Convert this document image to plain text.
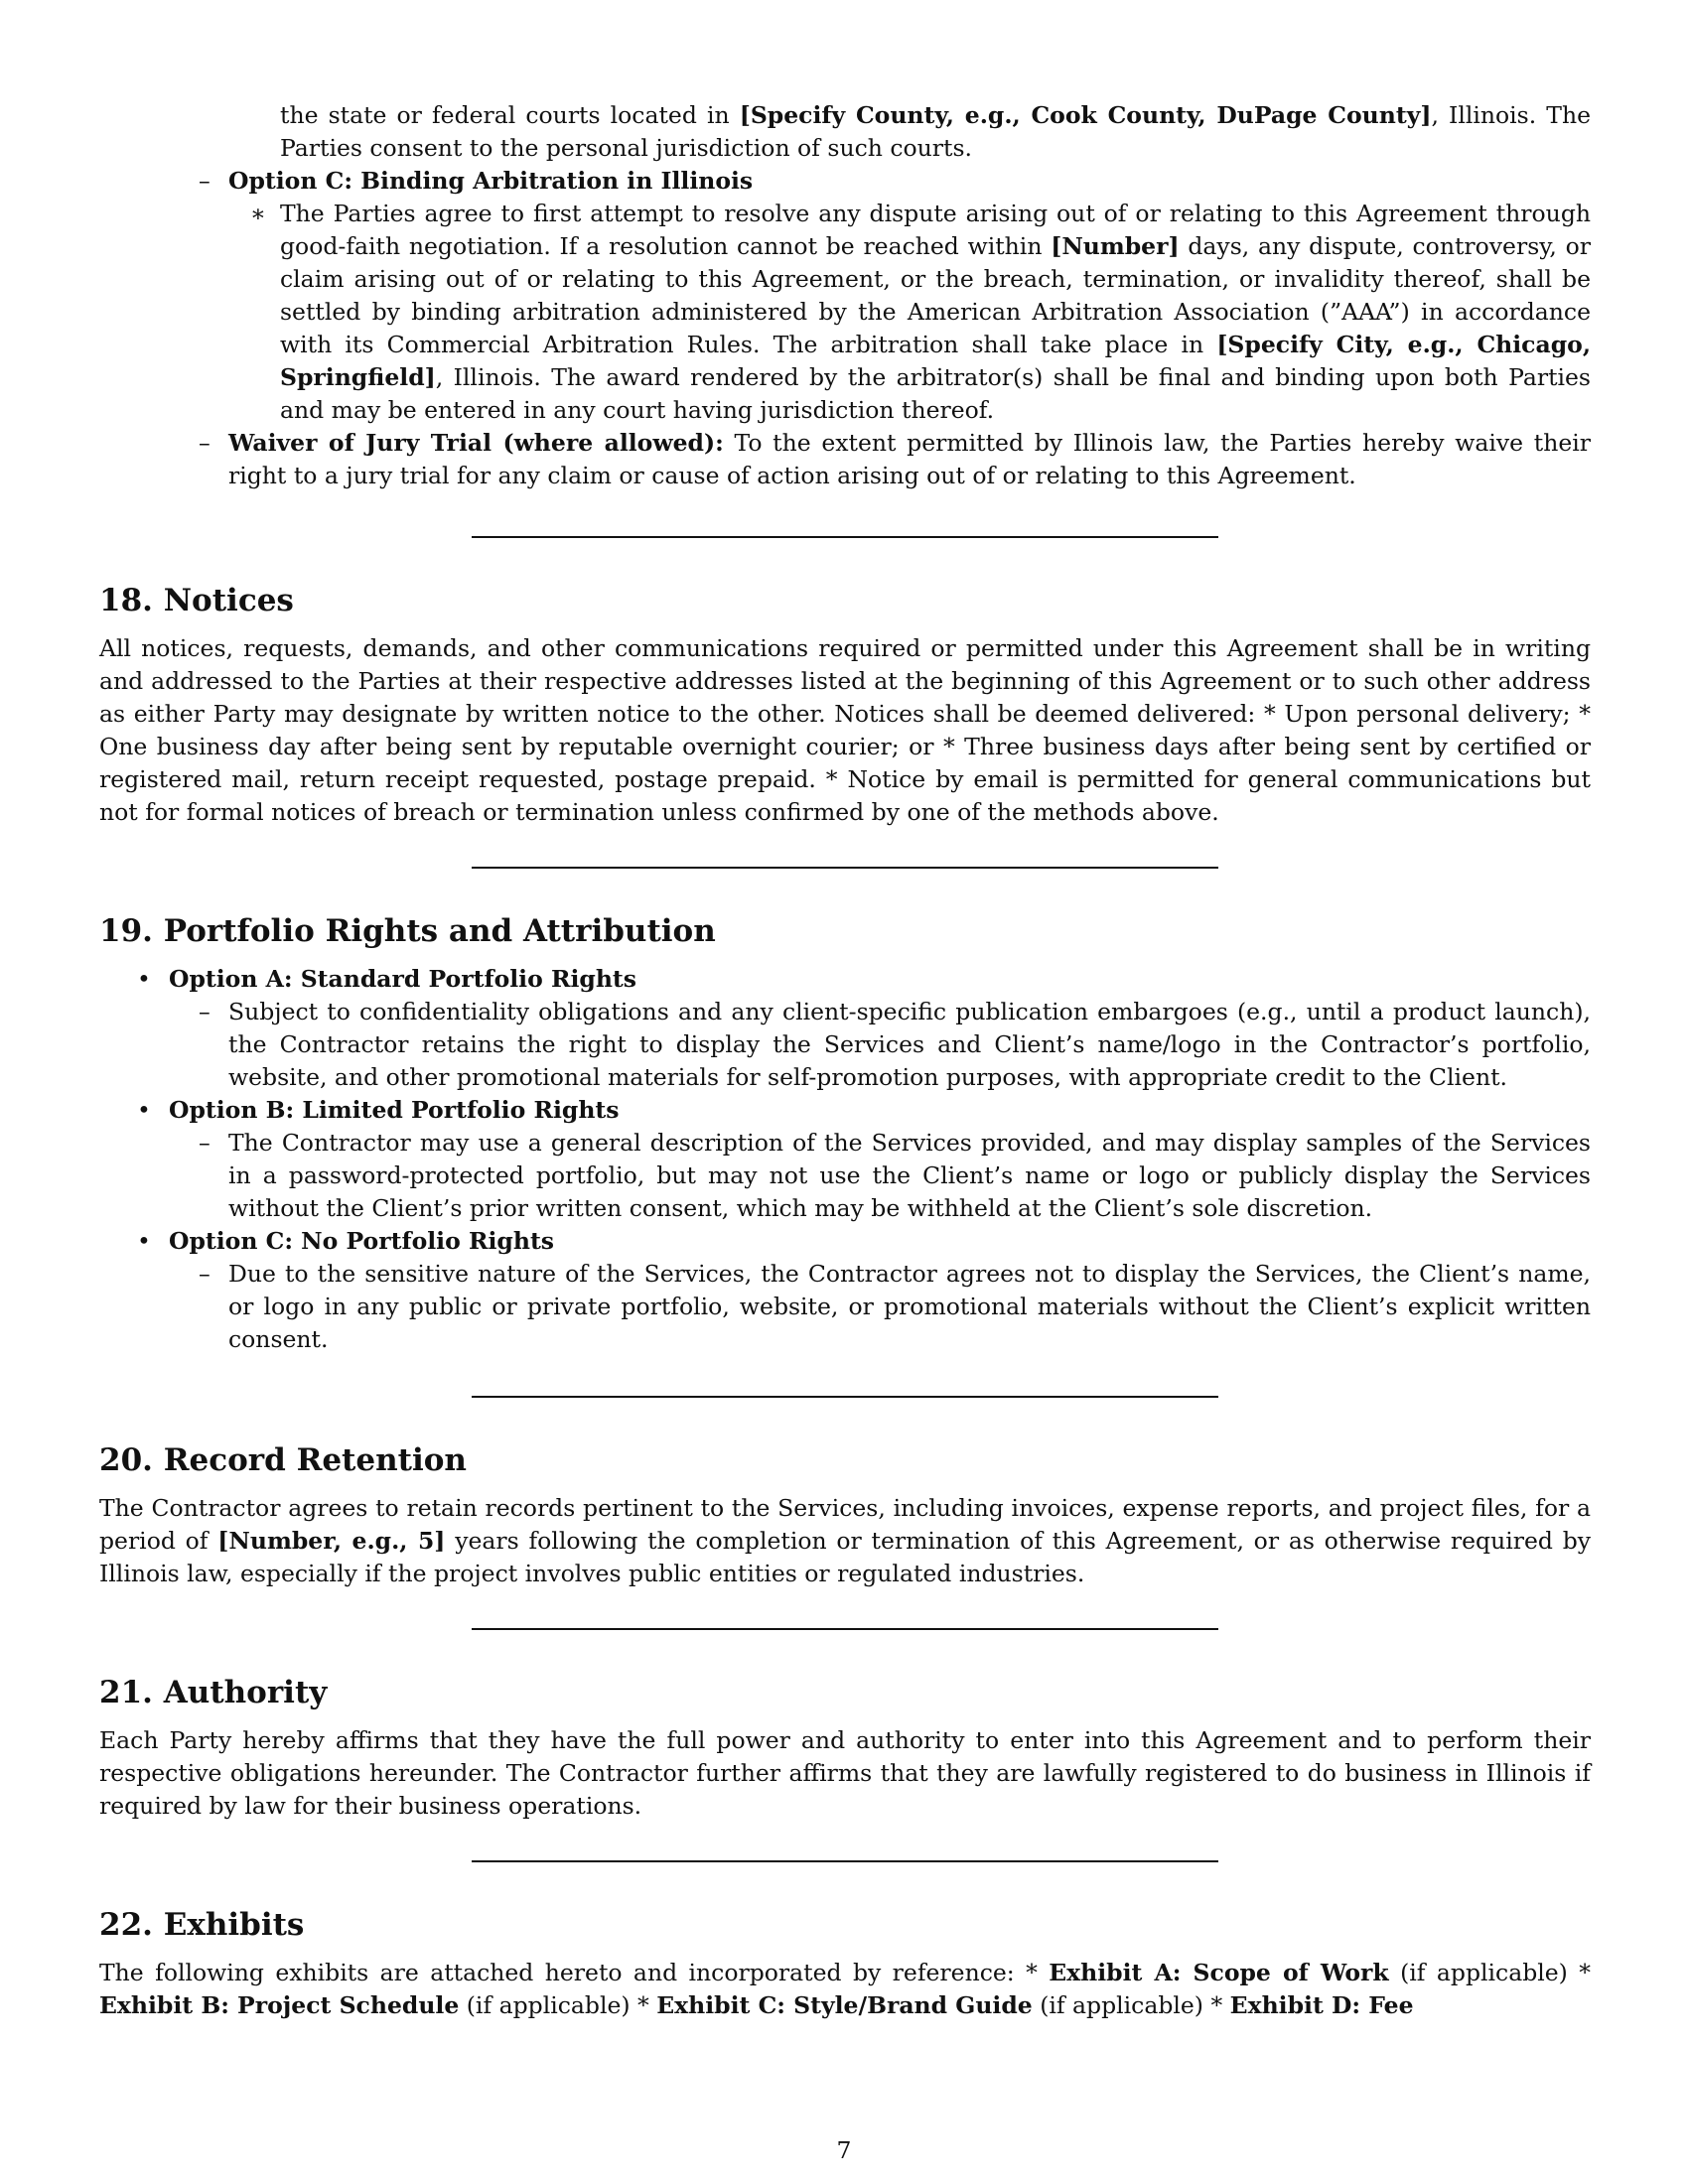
the state or federal courts located in [Specify County, e.g., Cook County, DuPage County], Illinois. The Parties consent to the personal jurisdiction of such courts.

– Option C: Binding Arbitration in Illinois

∗ The Parties agree to first attempt to resolve any dispute arising out of or relating to this Agreement through good-faith negotiation. If a resolution cannot be reached within [Number] days, any dispute, controversy, or claim arising out of or relating to this Agreement, or the breach, termination, or invalidity thereof, shall be settled by binding arbitration administered by the American Arbitration Association (”AAA”) in accordance with its Commercial Arbitration Rules. The arbitration shall take place in [Specify City, e.g., Chicago, Springfield], Illinois. The award rendered by the arbitrator(s) shall be final and binding upon both Parties and may be entered in any court having jurisdiction thereof.

– Waiver of Jury Trial (where allowed): To the extent permitted by Illinois law, the Parties hereby waive their right to a jury trial for any claim or cause of action arising out of or relating to this Agreement.

18. Notices

All notices, requests, demands, and other communications required or permitted under this Agreement shall be in writing and addressed to the Parties at their respective addresses listed at the beginning of this Agreement or to such other address as either Party may designate by written notice to the other. Notices shall be deemed delivered: * Upon personal delivery; * One business day after being sent by reputable overnight courier; or * Three business days after being sent by certified or registered mail, return receipt requested, postage prepaid. * Notice by email is permitted for general communications but not for formal notices of breach or termination unless confirmed by one of the methods above.

19. Portfolio Rights and Attribution
• Option A: Standard Portfolio Rights

– Subject to confidentiality obligations and any client-specific publication embargoes (e.g., until a product launch), the Contractor retains the right to display the Services and Client’s name/logo in the Contractor’s portfolio, website, and other promotional materials for self-promotion purposes, with appropriate credit to the Client.

• Option B: Limited Portfolio Rights

– The Contractor may use a general description of the Services provided, and may display samples of the Services in a password-protected portfolio, but may not use the Client’s name or logo or publicly display the Services without the Client’s prior written consent, which may be withheld at the Client’s sole discretion.

• Option C: No Portfolio Rights

– Due to the sensitive nature of the Services, the Contractor agrees not to display the Services, the Client’s name, or logo in any public or private portfolio, website, or promotional materials without the Client’s explicit written consent.

20. Record Retention

The Contractor agrees to retain records pertinent to the Services, including invoices, expense reports, and project files, for a period of [Number, e.g., 5] years following the completion or termination of this Agreement, or as otherwise required by Illinois law, especially if the project involves public entities or regulated industries.

21. Authority

Each Party hereby affirms that they have the full power and authority to enter into this Agreement and to perform their respective obligations hereunder. The Contractor further affirms that they are lawfully registered to do business in Illinois if required by law for their business operations.

22. Exhibits

The following exhibits are attached hereto and incorporated by reference: * Exhibit A: Scope of Work (if applicable) * Exhibit B: Project Schedule (if applicable) * Exhibit C: Style/Brand Guide (if applicable) * Exhibit D: Fee

7
